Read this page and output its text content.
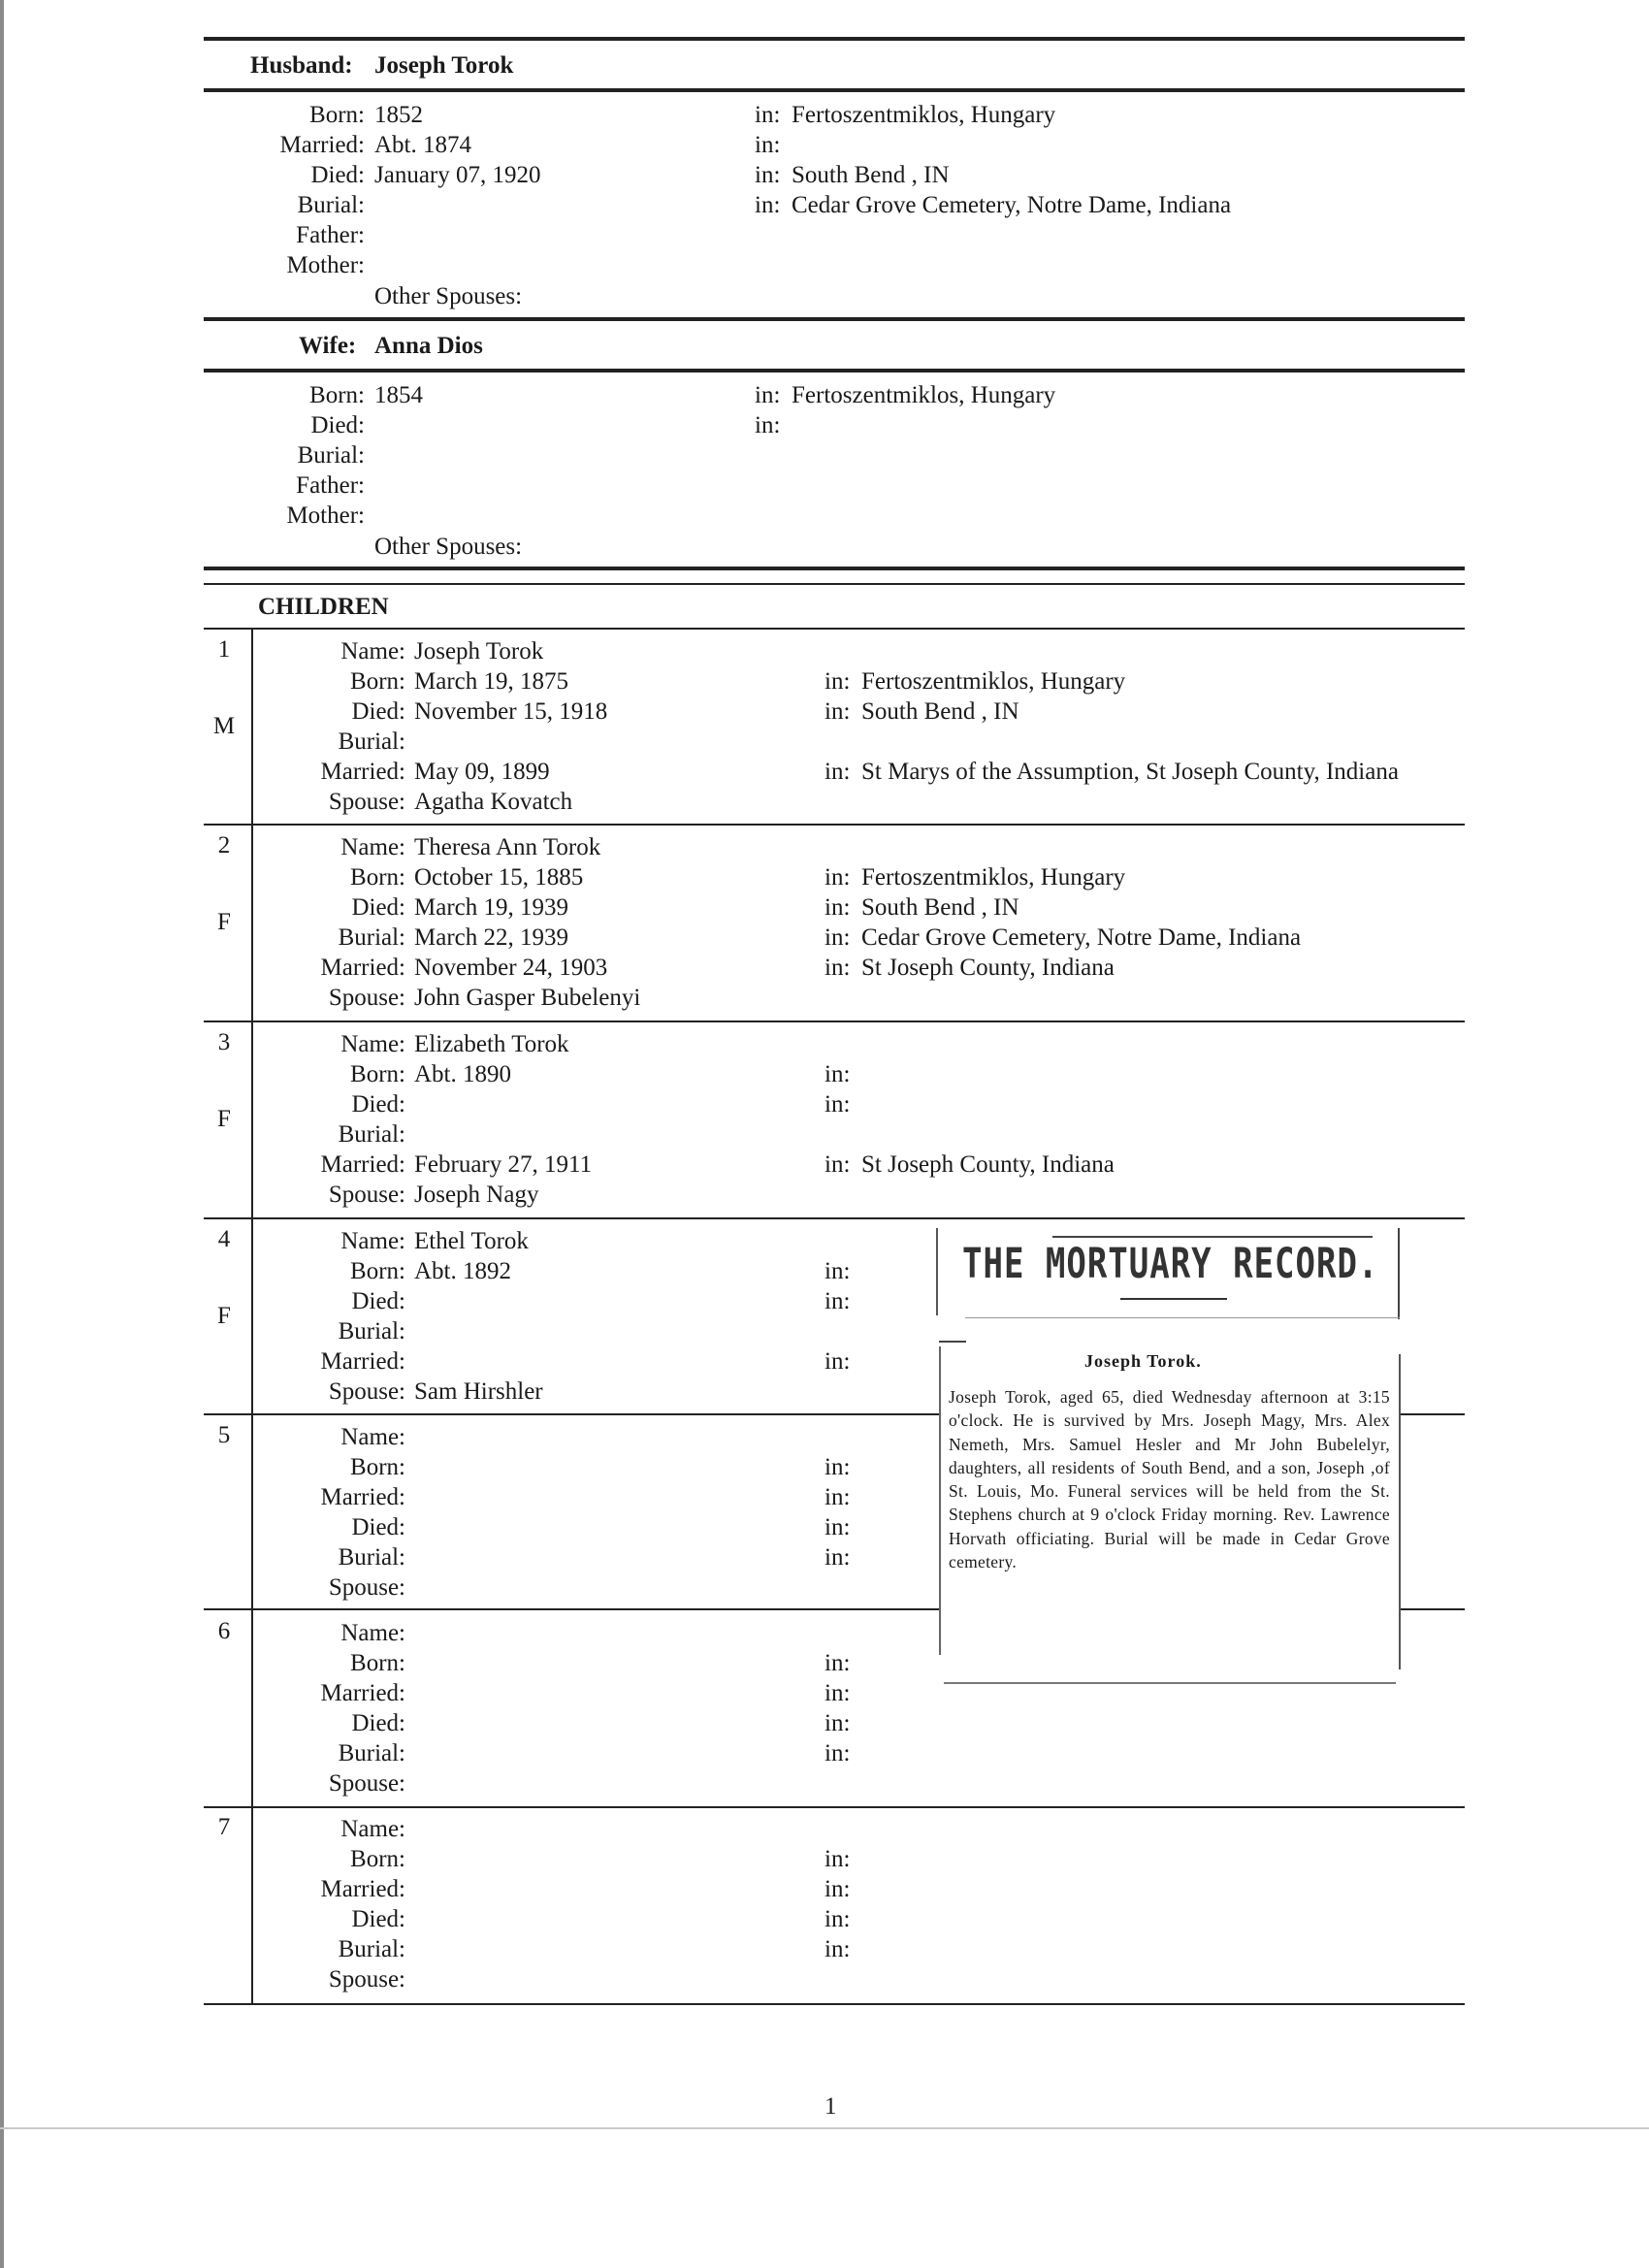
Husband: Joseph Torok
Born: 1852	in: Fertoszentmiklos, Hungary
Married: Abt. 1874	in:
Died: January 07, 1920	in: South Bend , IN
Burial:	in: Cedar Grove Cemetery, Notre Dame, Indiana
Father:
Mother:
Other Spouses:
Wife: Anna Dios
Born: 1854	in: Fertoszentmiklos, Hungary
Died:	in:
Burial:
Father:
Mother:
Other Spouses:
CHILDREN
1
M
Name: Joseph Torok
Born: March 19, 1875	in: Fertoszentmiklos, Hungary
Died: November 15, 1918	in: South Bend , IN
Burial:
Married: May 09, 1899	in: St Marys of the Assumption, St Joseph County, Indiana
Spouse: Agatha Kovatch
2
F
Name: Theresa Ann Torok
Born: October 15, 1885	in: Fertoszentmiklos, Hungary
Died: March 19, 1939	in: South Bend , IN
Burial: March 22, 1939	in: Cedar Grove Cemetery, Notre Dame, Indiana
Married: November 24, 1903	in: St Joseph County, Indiana
Spouse: John Gasper Bubelenyi
3
F
Name: Elizabeth Torok
Born: Abt. 1890	in:
Died:	in:
Burial:
Married: February 27, 1911	in: St Joseph County, Indiana
Spouse: Joseph Nagy
4
F
Name: Ethel Torok
Born: Abt. 1892	in:
Died:	in:
Burial:
Married:	in:
Spouse: Sam Hirshler
5	Name:
Born:	in:
Married:	in:
Died:	in:
Burial:	in:
Spouse:
6	Name:
Born:	in:
Married:	in:
Died:	in:
Burial:	in:
Spouse:
7	Name:
Born:	in:
Married:	in:
Died:	in:
Burial:	in:
Spouse:
THE MORTUARY RECORD.
Joseph Torok.
Joseph Torok, aged 65, died Wednesday afternoon at 3:15 o'clock. He is survived by Mrs. Joseph Magy, Mrs. Alex Nemeth, Mrs. Samuel Hesler and Mr John Bubelelyr, daughters, all residents of South Bend, and a son, Joseph ,of St. Louis, Mo. Funeral services will be held from the St. Stephens church at 9 o'clock Friday morning. Rev. Lawrence Horvath officiating. Burial will be made in Cedar Grove cemetery.
1
